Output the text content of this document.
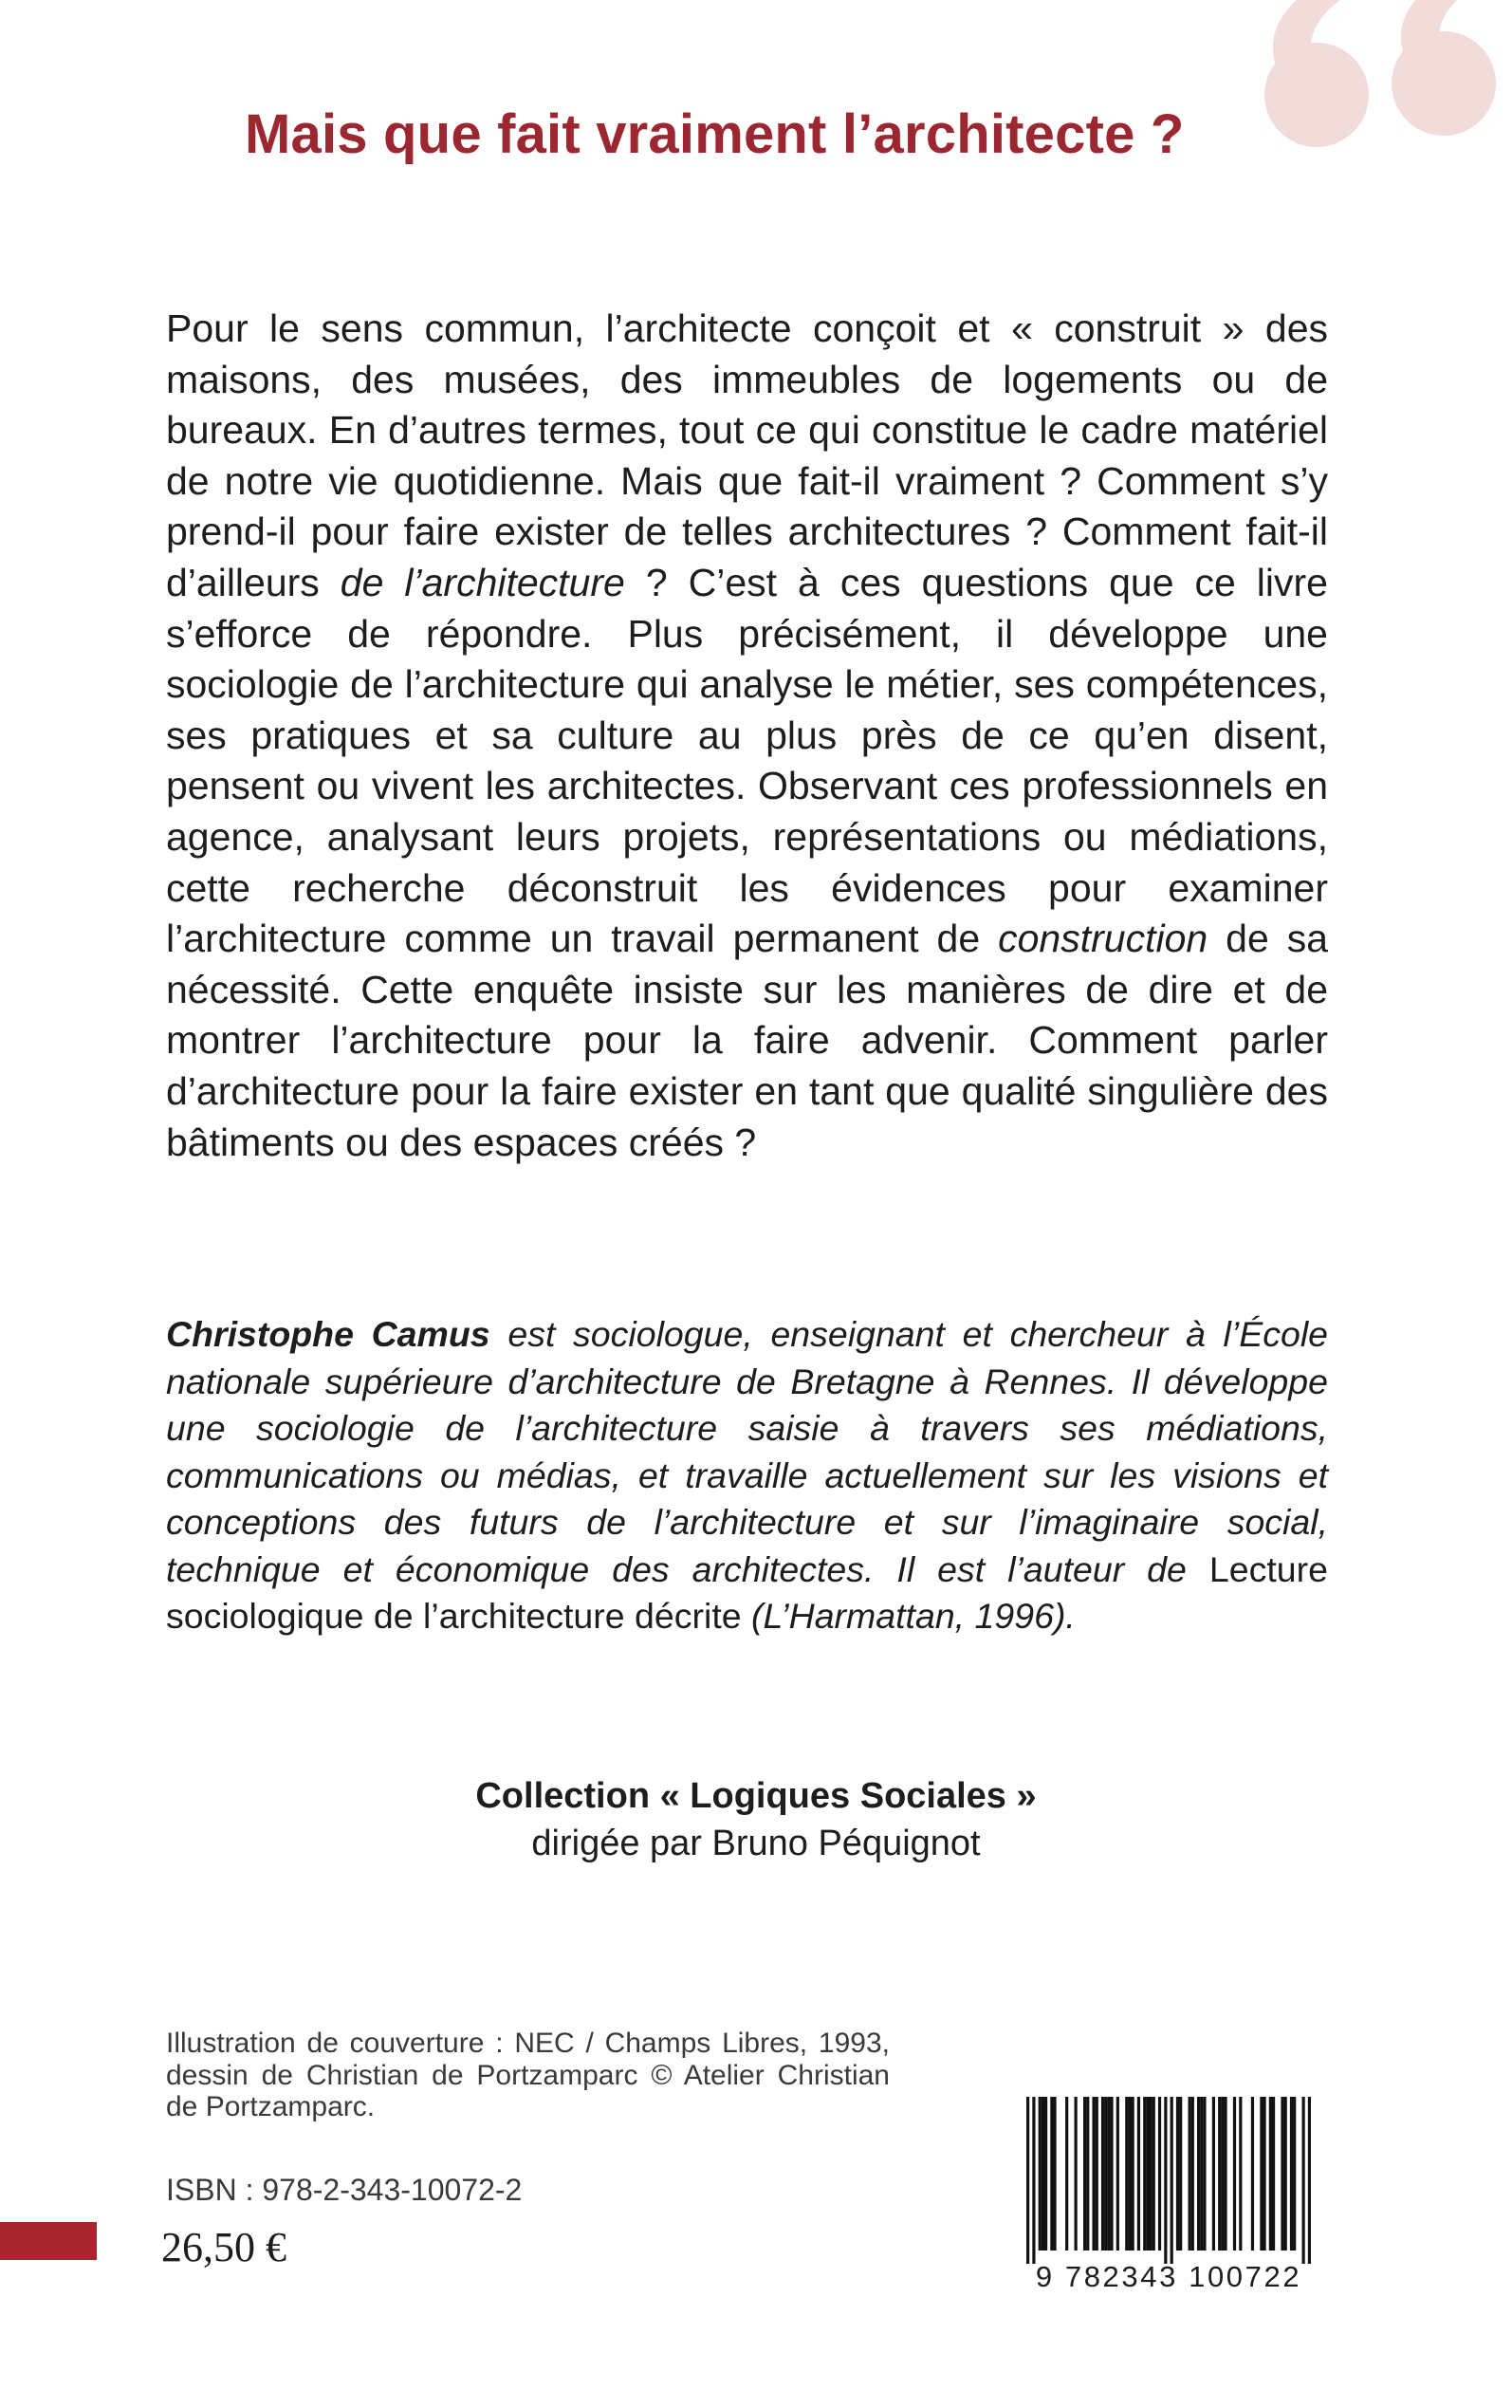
Mais que fait vraiment l’architecte ?

Pour le sens commun, l’architecte conçoit et « construit » des maisons, des musées, des immeubles de logements ou de bureaux. En d’autres termes, tout ce qui constitue le cadre matériel de notre vie quotidienne. Mais que fait-il vraiment ? Comment s’y prend-il pour faire exister de telles architectures ? Comment fait-il d’ailleurs de l’architecture ? C’est à ces questions que ce livre s’efforce de répondre. Plus précisément, il développe une sociologie de l’architecture qui analyse le métier, ses compétences, ses pratiques et sa culture au plus près de ce qu’en disent, pensent ou vivent les architectes. Observant ces professionnels en agence, analysant leurs projets, représentations ou médiations, cette recherche déconstruit les évidences pour examiner l’architecture comme un travail permanent de construction de sa nécessité. Cette enquête insiste sur les manières de dire et de montrer l’architecture pour la faire advenir. Comment parler d’architecture pour la faire exister en tant que qualité singulière des bâtiments ou des espaces créés ?

Christophe Camus est sociologue, enseignant et chercheur à l’École nationale supérieure d’architecture de Bretagne à Rennes. Il développe une sociologie de l’architecture saisie à travers ses médiations, communications ou médias, et travaille actuellement sur les visions et conceptions des futurs de l’architecture et sur l’imaginaire social, technique et économique des architectes. Il est l’auteur de Lecture sociologique de l’architecture décrite (L’Harmattan, 1996).

Collection « Logiques Sociales »
dirigée par Bruno Péquignot

Illustration de couverture : NEC / Champs Libres, 1993, dessin de Christian de Portzamparc © Atelier Christian de Portzamparc.

ISBN : 978-2-343-10072-2
26,50 €
9 782343 100722
